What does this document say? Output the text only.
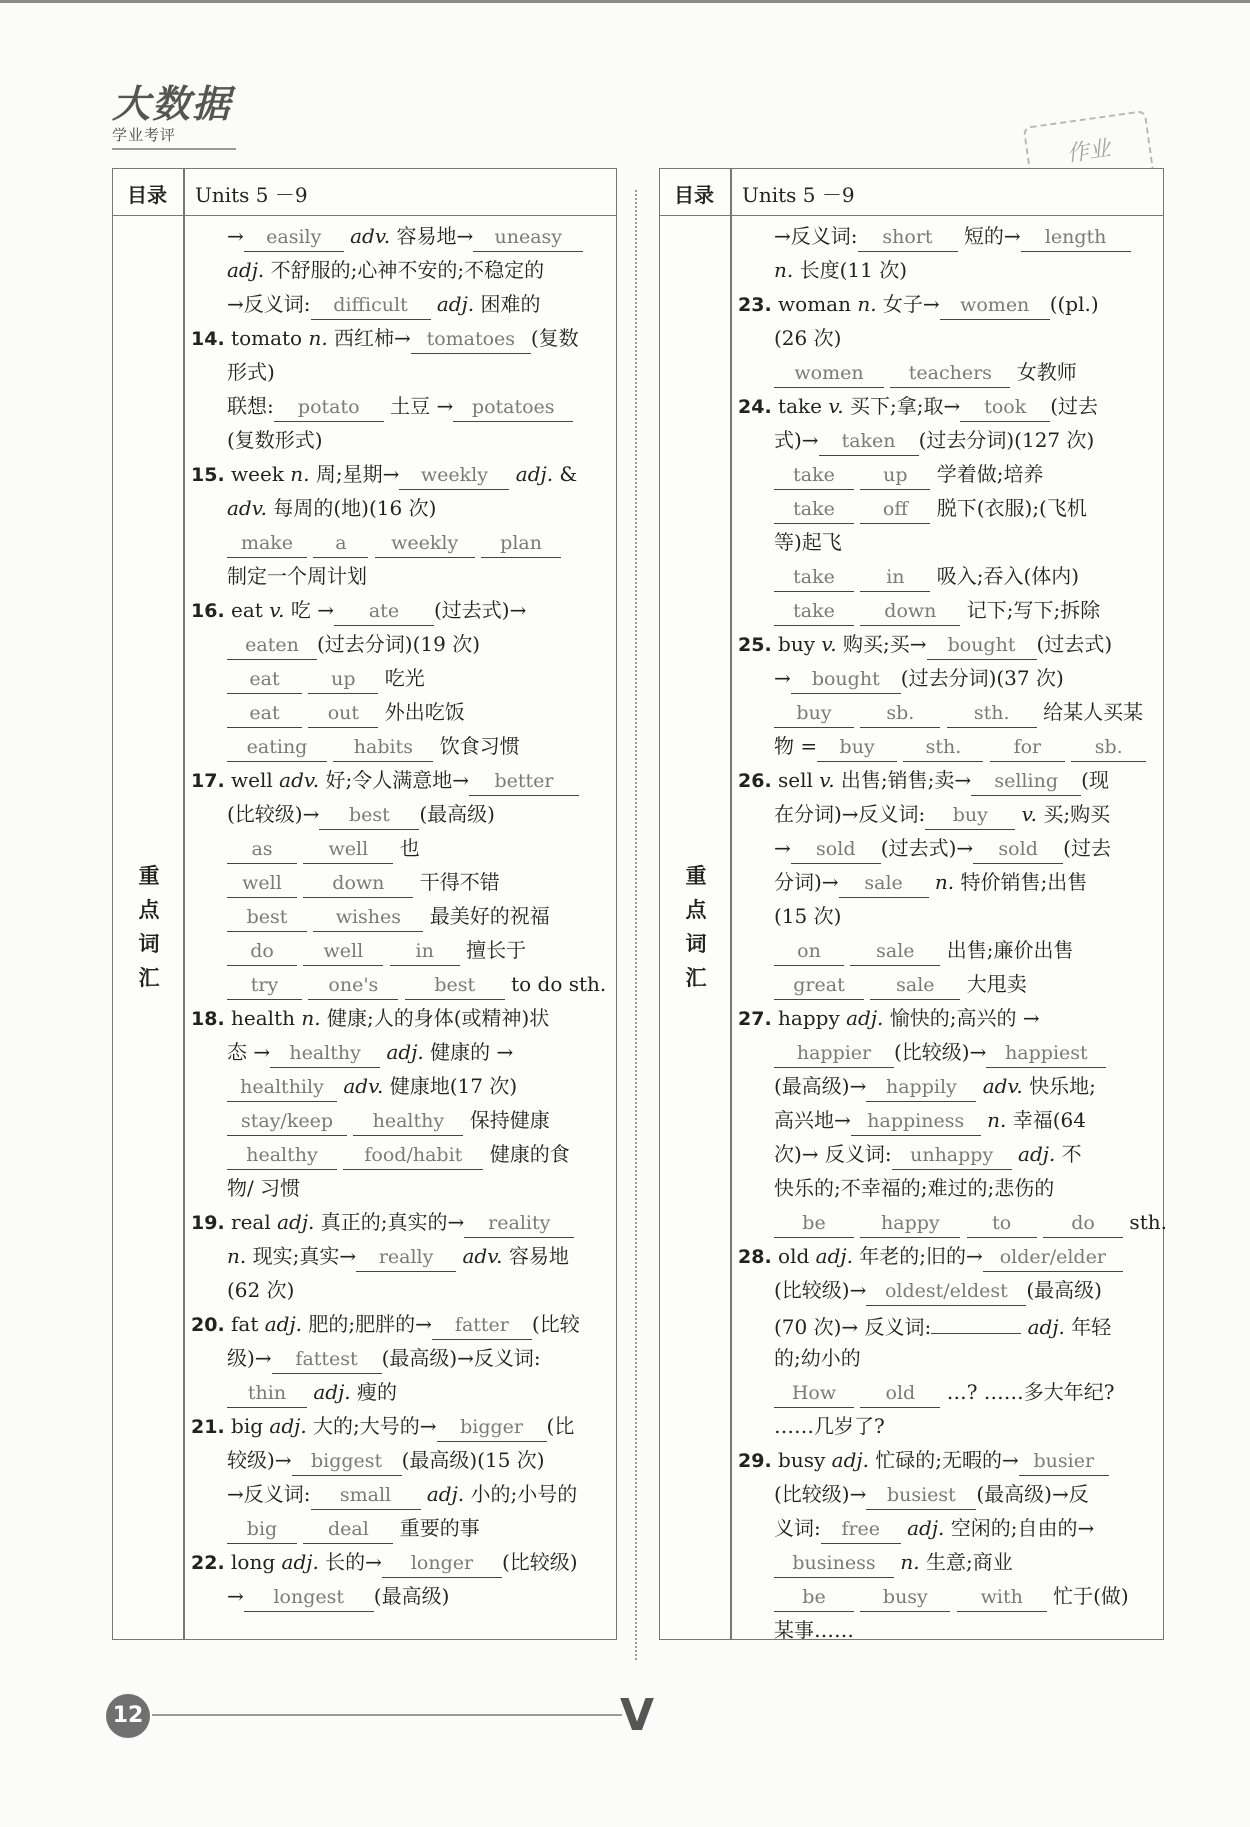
大数据
学业考评
作业
目录 Units 5 －9
重点词汇
→ easily adv. 容易地→ uneasy
adj. 不舒服的;心神不安的;不稳定的
→反义词: difficult adj. 困难的
14. tomato n. 西红柿→ tomatoes (复数
形式)
联想: potato 土豆 → potatoes
(复数形式)
15. week n. 周;星期→ weekly adj. &
adv. 每周的(地)(16 次)
make a weekly plan
制定一个周计划
16. eat v. 吃 → ate (过去式)→
eaten (过去分词)(19 次)
eat	up 吃光
eat	out 外出吃饭
eating habits 饮食习惯
17. well adv. 好;令人满意地→ better
(比较级)→ best (最高级)
as	well 也
well	down 干得不错
best	wishes 最美好的祝福
do	well	in 擅长于
try	one's	best to do sth.
18. health n. 健康;人的身体(或精神)状
态 → healthy adj. 健康的 →
healthily adv. 健康地(17 次)
stay/keep healthy 保持健康
healthy food/habit 健康的食
物/ 习惯
19. real adj. 真正的;真实的→ reality
n. 现实;真实→ really adv. 容易地
(62 次)
20. fat adj. 肥的;肥胖的→ fatter (比较
级)→ fattest (最高级)→反义词:
thin adj. 瘦的
21. big adj. 大的;大号的→ bigger (比
较级)→ biggest (最高级)(15 次)
→反义词: small adj. 小的;小号的
big	deal 重要的事
22. long adj. 长的→ longer (比较级)
→ longest (最高级)
目录 Units 5 －9
重点词汇
→反义词: short 短的→ length
n. 长度(11 次)
23. woman n. 女子→ women ((pl.)
(26 次)
women teachers 女教师
24. take v. 买下;拿;取→ took (过去
式)→ taken (过去分词)(127 次)
take	up 学着做;培养
take	off 脱下(衣服);(飞机
等)起飞
take	in 吸入;吞入(体内)
take	down 记下;写下;拆除
25. buy v. 购买;买→ bought (过去式)
→ bought (过去分词)(37 次)
buy	sb.	sth. 给某人买某
物 = buy	sth.	for	sb.
26. sell v. 出售;销售;卖→ selling (现
在分词)→反义词: buy v. 买;购买
→ sold (过去式)→ sold (过去
分词)→ sale n. 特价销售;出售
(15 次)
on	sale 出售;廉价出售
great	sale 大甩卖
27. happy adj. 愉快的;高兴的 →
happier (比较级)→ happiest
(最高级)→ happily adv. 快乐地;
高兴地→ happiness n. 幸福(64
次)→ 反义词: unhappy adj. 不
快乐的;不幸福的;难过的;悲伤的
be	happy	to	do sth.
28. old adj. 年老的;旧的→ older/elder
(比较级)→ oldest/eldest (最高级)
(70 次)→ 反义词:	adj. 年轻
的;幼小的
How	old …? ……多大年纪?
……几岁了?
29. busy adj. 忙碌的;无暇的→ busier
(比较级)→ busiest (最高级)→反
义词: free adj. 空闲的;自由的→
business n. 生意;商业
be	busy	with 忙于(做)
某事……
12	V
